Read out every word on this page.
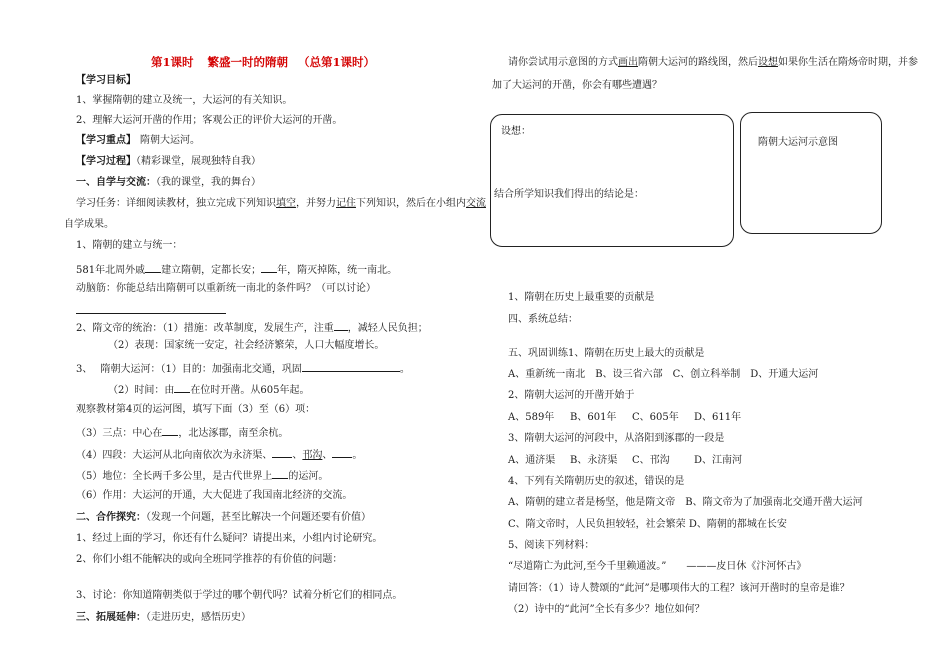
第1课时 繁盛一时的隋朝 （总第1课时）
【学习目标】
1、掌握隋朝的建立及统一，大运河的有关知识。
2、理解大运河开凿的作用；客观公正的评价大运河的开凿。
【学习重点】 隋朝大运河。
【学习过程】（精彩课堂，展现独特自我）
一、自学与交流：（我的课堂，我的舞台）
学习任务：详细阅读教材，独立完成下列知识填空，并努力记住下列知识，然后在小组内交流
自学成果。
1、隋朝的建立与统一：
581年北周外戚 建立隋朝，定都长安； 年，隋灭掉陈，统一南北。
动脑筋：你能总结出隋朝可以重新统一南北的条件吗？（可以讨论）
2、隋文帝的统治：（1）措施：改革制度，发展生产，注重 ，减轻人民负担；
（2）表现：国家统一安定，社会经济繁荣，人口大幅度增长。
3、　 隋朝大运河：（1）目的：加强南北交通，巩固	。
（2）时间：由 在位时开凿。从605年起。
观察教材第4页的运河图，填写下面（3）至（6）项：
（3）三点：中心在 ，北达涿郡，南至余杭。
（4）四段：大运河从北向南依次为永济渠、 、邗沟、 。
（5）地位：全长两千多公里，是古代世界上 的运河。
（6）作用：大运河的开通，大大促进了我国南北经济的交流。
二、合作探究：（发现一个问题，甚至比解决一个问题还要有价值）
1、经过上面的学习，你还有什么疑问？请提出来，小组内讨论研究。
2、你们小组不能解决的或向全班同学推荐的有价值的问题：
3、讨论：你知道隋朝类似于学过的哪个朝代吗？试着分析它们的相同点。
三、拓展延伸：（走进历史，感悟历史）
请你尝试用示意图的方式画出隋朝大运河的路线图，然后设想如果你生活在隋炀帝时期，并参
加了大运河的开凿，你会有哪些遭遇？
设想：
结合所学知识我们得出的结论是：
隋朝大运河示意图
1、隋朝在历史上最重要的贡献是
四、系统总结：
五、巩固训练1、隋朝在历史上最大的贡献是
A、重新统一南北　B、设三省六部　C、创立科举制　D、开通大运河
2、隋朝大运河的开凿开始于
A、589年 B、601年 C、605年 D、611年
3、隋朝大运河的河段中，从洛阳到涿郡的一段是
A、通济渠 B、永济渠 C、邗沟 D、江南河
4、下列有关隋朝历史的叙述，错误的是
A、隋朝的建立者是杨坚，他是隋文帝　B、隋文帝为了加强南北交通开凿大运河
C、隋文帝时，人民负担较轻，社会繁荣 D、隋朝的都城在长安
5、阅读下列材料：
“尽道隋亡为此河,至今千里赖通波。”　　———皮日休《汴河怀古》
请回答：（1）诗人赞颂的“此河”是哪项伟大的工程？该河开凿时的皇帝是谁？
（2）诗中的“此河”全长有多少？地位如何？
